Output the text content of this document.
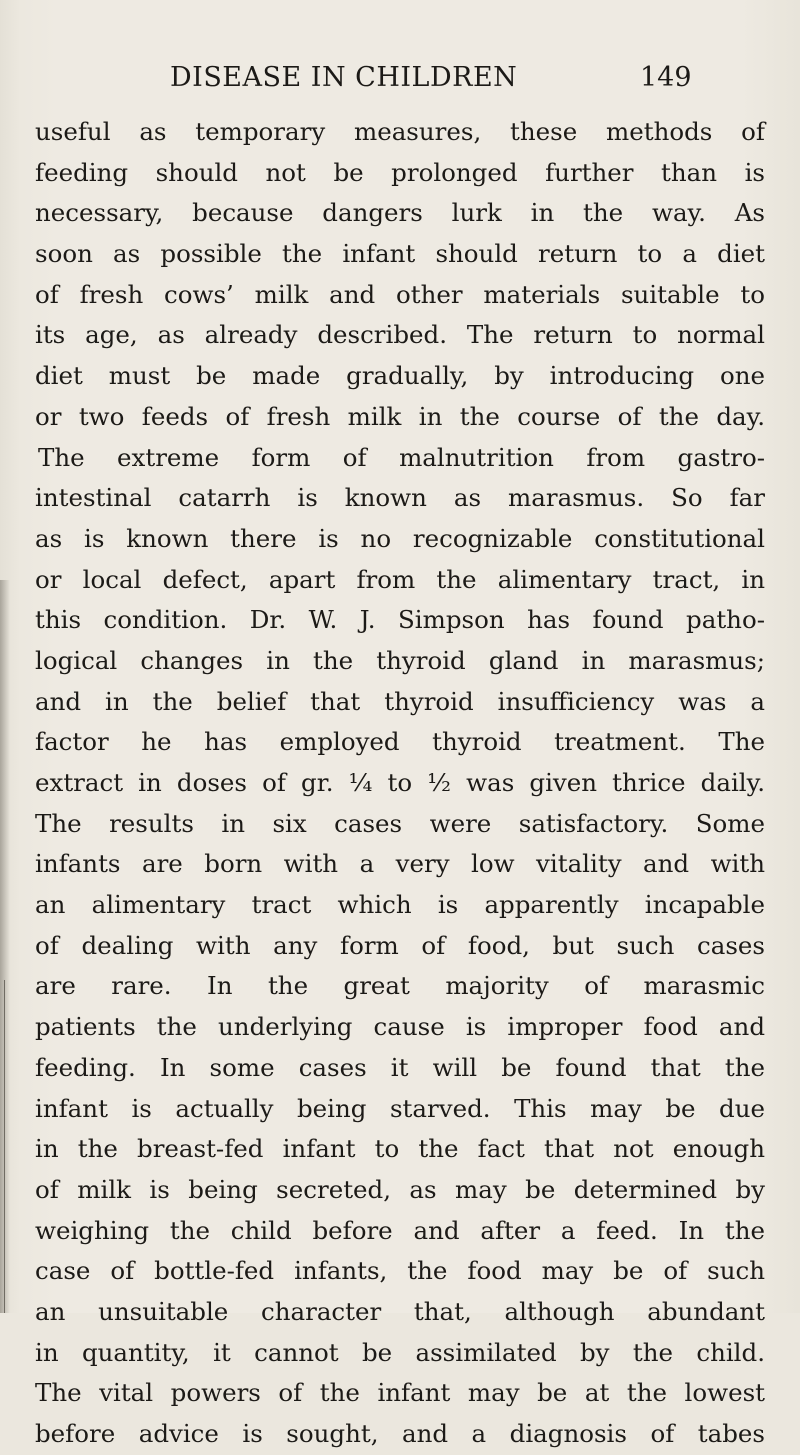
DISEASE IN CHILDREN	149
useful as temporary measures, these methods of
feeding should not be prolonged further than is
necessary, because dangers lurk in the way. As
soon as possible the infant should return to a diet
of fresh cows’ milk and other materials suitable to
its age, as already described. The return to normal
diet must be made gradually, by introducing one
or two feeds of fresh milk in the course of the day.
The extreme form of malnutrition from gastro-
intestinal catarrh is known as marasmus. So far
as is known there is no recognizable constitutional
or local defect, apart from the alimentary tract, in
this condition. Dr. W. J. Simpson has found patho-
logical changes in the thyroid gland in marasmus;
and in the belief that thyroid insufficiency was a
factor he has employed thyroid treatment. The
extract in doses of gr. ¼ to ½ was given thrice daily.
The results in six cases were satisfactory. Some
infants are born with a very low vitality and with
an alimentary tract which is apparently incapable
of dealing with any form of food, but such cases
are rare. In the great majority of marasmic
patients the underlying cause is improper food and
feeding. In some cases it will be found that the
infant is actually being starved. This may be due
in the breast-fed infant to the fact that not enough
of milk is being secreted, as may be determined by
weighing the child before and after a feed. In the
case of bottle-fed infants, the food may be of such
an unsuitable character that, although abundant
in quantity, it cannot be assimilated by the child.
The vital powers of the infant may be at the lowest
before advice is sought, and a diagnosis of tabes
